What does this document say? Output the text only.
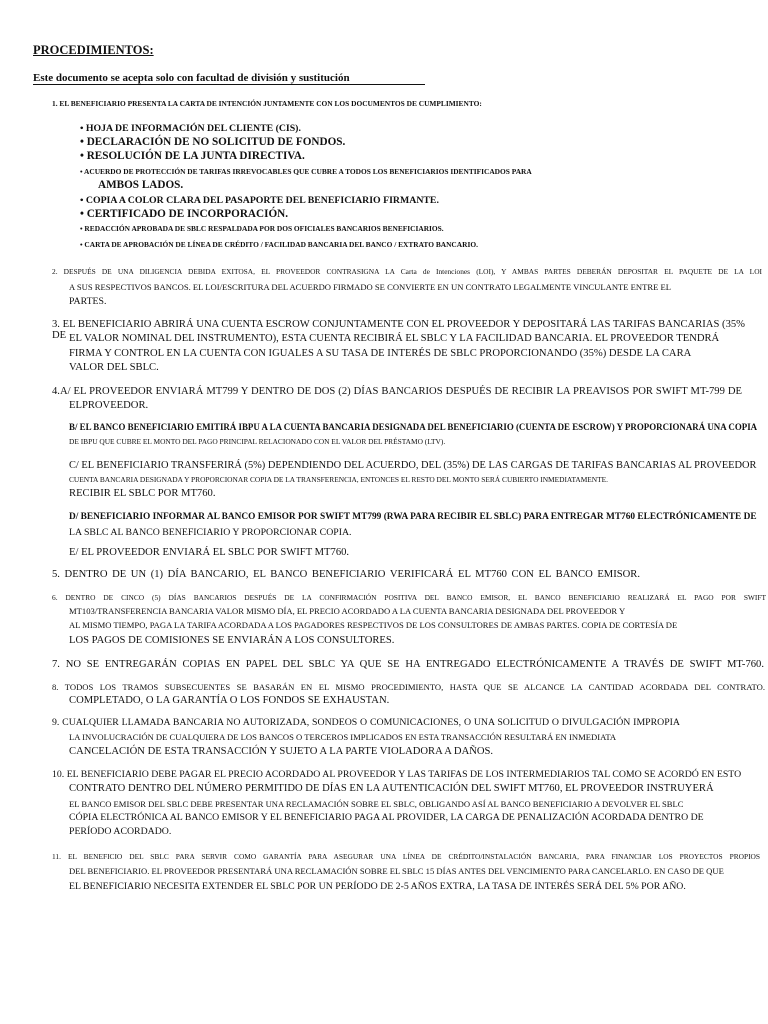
PROCEDIMIENTOS:
Este documento se acepta solo con facultad de división y sustitución
1. EL BENEFICIARIO PRESENTA LA CARTA DE INTENCIÓN JUNTAMENTE CON LOS DOCUMENTOS DE CUMPLIMIENTO:
• HOJA DE INFORMACIÓN DEL CLIENTE (CIS).
• DECLARACIÓN DE NO SOLICITUD DE FONDOS.
• RESOLUCIÓN DE LA JUNTA DIRECTIVA.
• ACUERDO DE PROTECCIÓN DE TARIFAS IRREVOCABLES QUE CUBRE A TODOS LOS BENEFICIARIOS IDENTIFICADOS PARA
AMBOS LADOS.
• COPIA A COLOR CLARA DEL PASAPORTE DEL BENEFICIARIO FIRMANTE.
• CERTIFICADO DE INCORPORACIÓN.
• REDACCIÓN APROBADA DE SBLC RESPALDADA POR DOS OFICIALES BANCARIOS BENEFICIARIOS.
• CARTA DE APROBACIÓN DE LÍNEA DE CRÉDITO / FACILIDAD BANCARIA DEL BANCO / EXTRATO BANCARIO.
2. DESPUÉS DE UNA DILIGENCIA DEBIDA EXITOSA, EL PROVEEDOR CONTRASIGNA LA Carta de Intenciones (LOI), Y AMBAS PARTES DEBERÁN DEPOSITAR EL PAQUETE DE LA LOI
A SUS RESPECTIVOS BANCOS. EL LOI/ESCRITURA DEL ACUERDO FIRMADO SE CONVIERTE EN UN CONTRATO LEGALMENTE VINCULANTE ENTRE EL
PARTES.
3. EL BENEFICIARIO ABRIRÁ UNA CUENTA ESCROW CONJUNTAMENTE CON EL PROVEEDOR Y DEPOSITARÁ LAS TARIFAS BANCARIAS (35% DE EL VALOR NOMINAL DEL INSTRUMENTO), ESTA CUENTA RECIBIRÁ EL SBLC Y LA FACILIDAD BANCARIA. EL PROVEEDOR TENDRÁ
FIRMA Y CONTROL EN LA CUENTA CON IGUALES A SU TASA DE INTERÉS DE SBLC PROPORCIONANDO (35%) DESDE LA CARA
VALOR DEL SBLC.
4.A/ EL PROVEEDOR ENVIARÁ MT799 Y DENTRO DE DOS (2) DÍAS BANCARIOS DESPUÉS DE RECIBIR LA PREAVISOS POR SWIFT MT-799 DE
ELPROVEEDOR.
B/ EL BANCO BENEFICIARIO EMITIRÁ IBPU A LA CUENTA BANCARIA DESIGNADA DEL BENEFICIARIO (CUENTA DE ESCROW) Y PROPORCIONARÁ UNA COPIA
DE IBPU QUE CUBRE EL MONTO DEL PAGO PRINCIPAL RELACIONADO CON EL VALOR DEL PRÉSTAMO (LTV).
C/ EL BENEFICIARIO TRANSFERIRÁ (5%) DEPENDIENDO DEL ACUERDO, DEL (35%) DE LAS CARGAS DE TARIFAS BANCARIAS AL PROVEEDOR
CUENTA BANCARIA DESIGNADA Y PROPORCIONAR COPIA DE LA TRANSFERENCIA, ENTONCES EL RESTO DEL MONTO SERÁ CUBIERTO INMEDIATAMENTE.
RECIBIR EL SBLC POR MT760.
D/ BENEFICIARIO INFORMAR AL BANCO EMISOR POR SWIFT MT799 (RWA PARA RECIBIR EL SBLC) PARA ENTREGAR MT760 ELECTRÓNICAMENTE DE
LA SBLC AL BANCO BENEFICIARIO Y PROPORCIONAR COPIA.
E/ EL PROVEEDOR ENVIARÁ EL SBLC POR SWIFT MT760.
5. DENTRO DE UN (1) DÍA BANCARIO, EL BANCO BENEFICIARIO VERIFICARÁ EL MT760 CON EL BANCO EMISOR.
6. DENTRO DE CINCO (5) DÍAS BANCARIOS DESPUÉS DE LA CONFIRMACIÓN POSITIVA DEL BANCO EMISOR, EL BANCO BENEFICIARIO REALIZARÁ EL PAGO POR SWIFT
MT103/TRANSFERENCIA BANCARIA VALOR MISMO DÍA, EL PRECIO ACORDADO A LA CUENTA BANCARIA DESIGNADA DEL PROVEEDOR Y
AL MISMO TIEMPO, PAGA LA TARIFA ACORDADA A LOS PAGADORES RESPECTIVOS DE LOS CONSULTORES DE AMBAS PARTES. COPIA DE CORTESÍA DE
LOS PAGOS DE COMISIONES SE ENVIARÁN A LOS CONSULTORES.
7. NO SE ENTREGARÁN COPIAS EN PAPEL DEL SBLC YA QUE SE HA ENTREGADO ELECTRÓNICAMENTE A TRAVÉS DE SWIFT MT-760.
8. TODOS LOS TRAMOS SUBSECUENTES SE BASARÁN EN EL MISMO PROCEDIMIENTO, HASTA QUE SE ALCANCE LA CANTIDAD ACORDADA DEL CONTRATO.
COMPLETADO, O LA GARANTÍA O LOS FONDOS SE EXHAUSTAN.
9. CUALQUIER LLAMADA BANCARIA NO AUTORIZADA, SONDEOS O COMUNICACIONES, O UNA SOLICITUD O DIVULGACIÓN IMPROPIA
LA INVOLUCRACIÓN DE CUALQUIERA DE LOS BANCOS O TERCEROS IMPLICADOS EN ESTA TRANSACCIÓN RESULTARÁ EN INMEDIATA
CANCELACIÓN DE ESTA TRANSACCIÓN Y SUJETO A LA PARTE VIOLADORA A DAÑOS.
10. EL BENEFICIARIO DEBE PAGAR EL PRECIO ACORDADO AL PROVEEDOR Y LAS TARIFAS DE LOS INTERMEDIARIOS TAL COMO SE ACORDÓ EN ESTO
CONTRATO DENTRO DEL NÚMERO PERMITIDO DE DÍAS EN LA AUTENTICACIÓN DEL SWIFT MT760, EL PROVEEDOR INSTRUYERÁ
EL BANCO EMISOR DEL SBLC DEBE PRESENTAR UNA RECLAMACIÓN SOBRE EL SBLC, OBLIGANDO ASÍ AL BANCO BENEFICIARIO A DEVOLVER EL SBLC
CÓPIA ELECTRÓNICA AL BANCO EMISOR Y EL BENEFICIARIO PAGA AL PROVIDER, LA CARGA DE PENALIZACIÓN ACORDADA DENTRO DE
PERÍODO ACORDADO.
11. EL BENEFICIO DEL SBLC PARA SERVIR COMO GARANTÍA PARA ASEGURAR UNA LÍNEA DE CRÉDITO/INSTALACIÓN BANCARIA, PARA FINANCIAR LOS PROYECTOS PROPIOS
DEL BENEFICIARIO. EL PROVEEDOR PRESENTARÁ UNA RECLAMACIÓN SOBRE EL SBLC 15 DÍAS ANTES DEL VENCIMIENTO PARA CANCELARLO. EN CASO DE QUE
EL BENEFICIARIO NECESITA EXTENDER EL SBLC POR UN PERÍODO DE 2-5 AÑOS EXTRA, LA TASA DE INTERÉS SERÁ DEL 5% POR AÑO.
